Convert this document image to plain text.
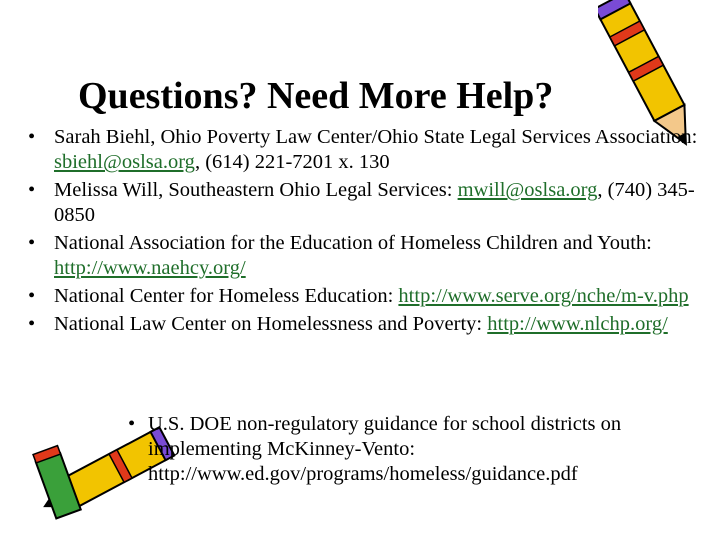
Questions? Need More Help?
• Sarah Biehl, Ohio Poverty Law Center/Ohio State Legal Services Association: sbiehl@oslsa.org, (614) 221-7201 x. 130
• Melissa Will, Southeastern Ohio Legal Services: mwill@oslsa.org, (740) 345-0850
• National Association for the Education of Homeless Children and Youth: http://www.naehcy.org/
• National Center for Homeless Education: http://www.serve.org/nche/m-v.php
• National Law Center on Homelessness and Poverty: http://www.nlchp.org/
• U.S. DOE non-regulatory guidance for school districts on implementing McKinney-Vento: http://www.ed.gov/programs/homeless/guidance.pdf
